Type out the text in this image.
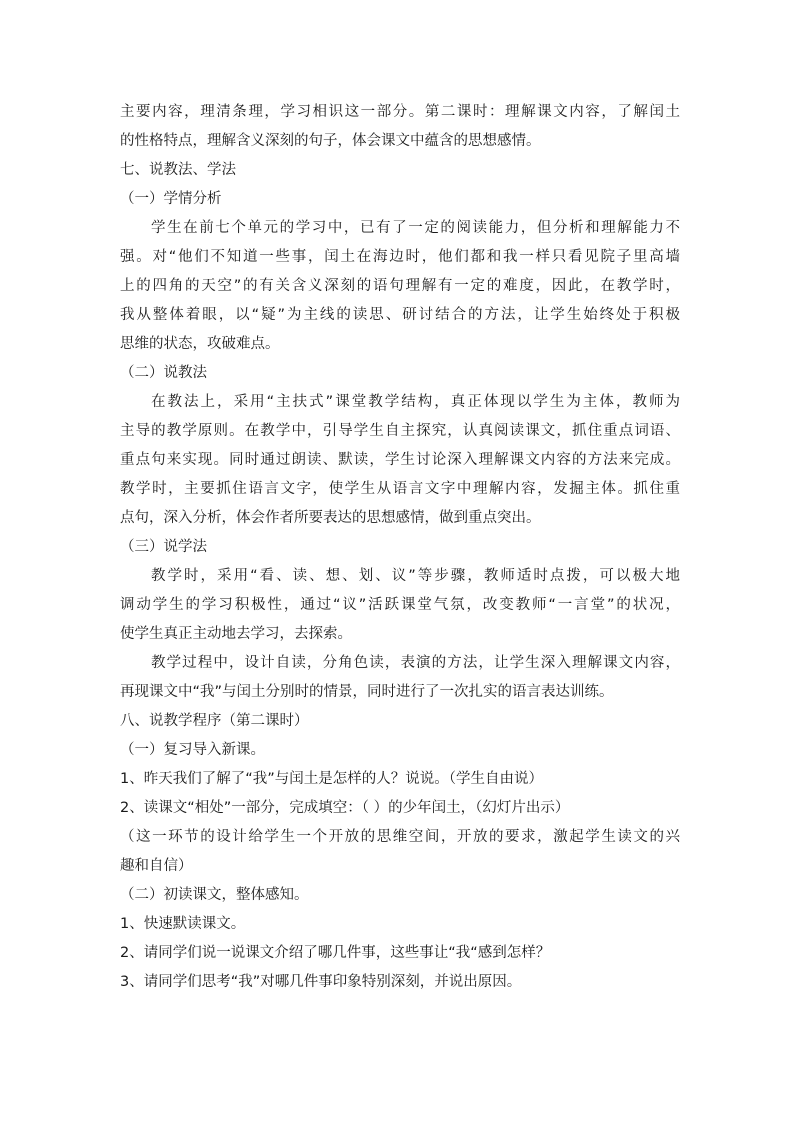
主要内容，理清条理，学习相识这一部分。第二课时：理解课文内容，了解闰土
的性格特点，理解含义深刻的句子，体会课文中蕴含的思想感情。
七、说教法、学法
（一）学情分析
学生在前七个单元的学习中，已有了一定的阅读能力，但分析和理解能力不
强。对“他们不知道一些事，闰土在海边时，他们都和我一样只看见院子里高墙
上的四角的天空”的有关含义深刻的语句理解有一定的难度，因此，在教学时，
我从整体着眼，以“疑”为主线的读思、研讨结合的方法，让学生始终处于积极
思维的状态，攻破难点。
（二）说教法
在教法上，采用“主扶式”课堂教学结构，真正体现以学生为主体，教师为
主导的教学原则。在教学中，引导学生自主探究，认真阅读课文，抓住重点词语、
重点句来实现。同时通过朗读、默读，学生讨论深入理解课文内容的方法来完成。
教学时，主要抓住语言文字，使学生从语言文字中理解内容，发掘主体。抓住重
点句，深入分析，体会作者所要表达的思想感情，做到重点突出。
（三）说学法
教学时，采用“看、读、想、划、议”等步骤，教师适时点拨，可以极大地
调动学生的学习积极性，通过“议”活跃课堂气氛，改变教师“一言堂”的状况，
使学生真正主动地去学习，去探索。
教学过程中，设计自读，分角色读，表演的方法，让学生深入理解课文内容，
再现课文中“我”与闰土分别时的情景，同时进行了一次扎实的语言表达训练。
八、说教学程序（第二课时）
（一）复习导入新课。
1、昨天我们了解了“我”与闰土是怎样的人？说说。（学生自由说）
2、读课文“相处”一部分，完成填空：（ ）的少年闰土，（幻灯片出示）
（这一环节的设计给学生一个开放的思维空间，开放的要求，激起学生读文的兴
趣和自信）
（二）初读课文，整体感知。
1、快速默读课文。
2、请同学们说一说课文介绍了哪几件事，这些事让“我“感到怎样？
3、请同学们思考“我”对哪几件事印象特别深刻，并说出原因。
